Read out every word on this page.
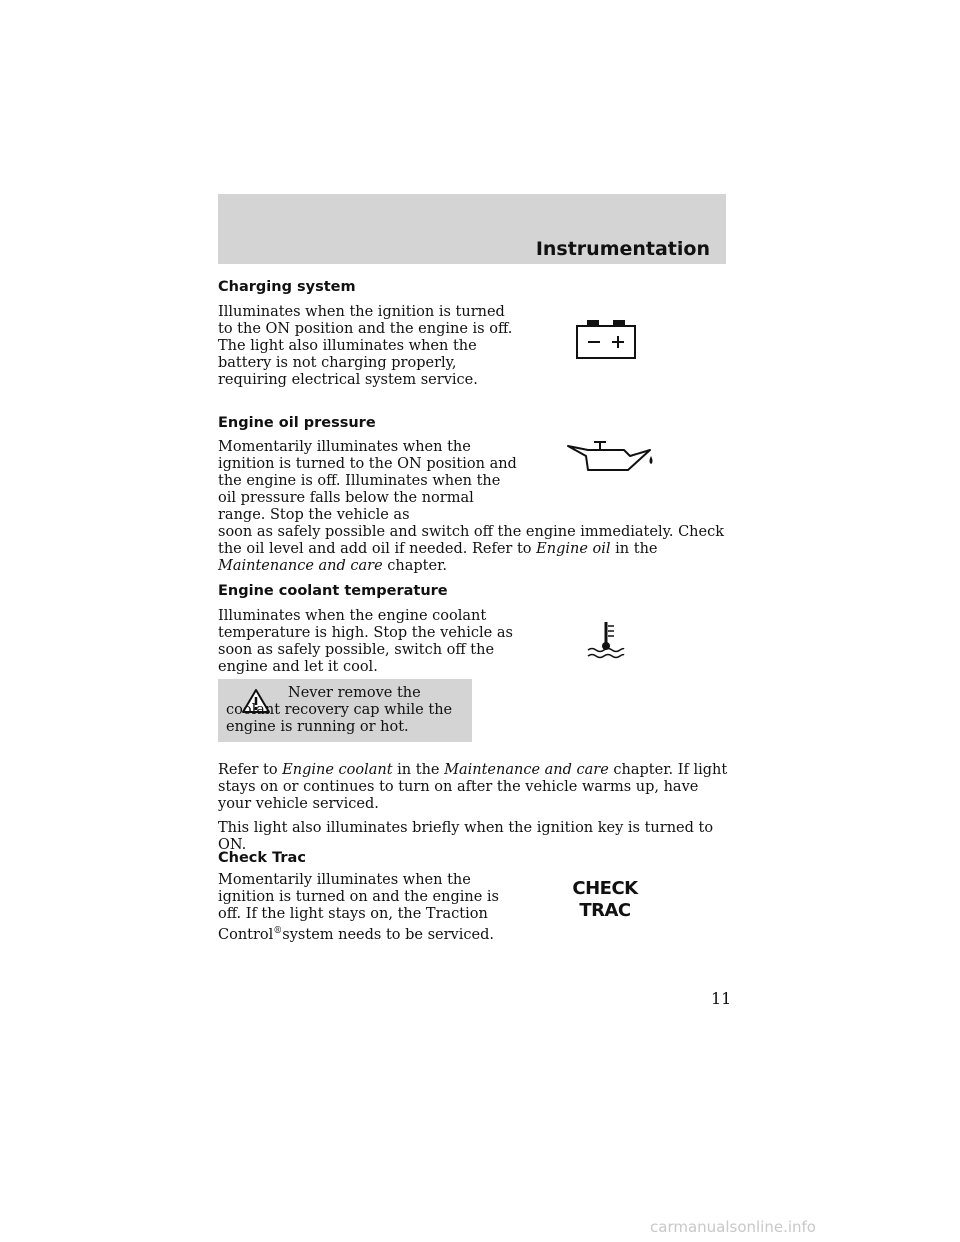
Instrumentation
Charging system

Illuminates when the ignition is turned to the ON position and the engine is off. The light also illuminates when the battery is not charging properly, requiring electrical system service.

Engine oil pressure

Momentarily illuminates when the ignition is turned to the ON position and the engine is off. Illuminates when the oil pressure falls below the normal range. Stop the vehicle as

soon as safely possible and switch off the engine immediately. Check the oil level and add oil if needed. Refer to Engine oil in the Maintenance and care chapter.

Engine coolant temperature

Illuminates when the engine coolant temperature is high. Stop the vehicle as soon as safely possible, switch off the engine and let it cool.

Never remove the coolant recovery cap while the engine is running or hot.

Refer to Engine coolant in the Maintenance and care chapter. If light stays on or continues to turn on after the vehicle warms up, have your vehicle serviced.

This light also illuminates briefly when the ignition key is turned to ON.

Check Trac

Momentarily illuminates when the ignition is turned on and the engine is off. If the light stays on, the Traction Control®system needs to be serviced.

CHECK
TRAC
11
carmanualsonline.info
